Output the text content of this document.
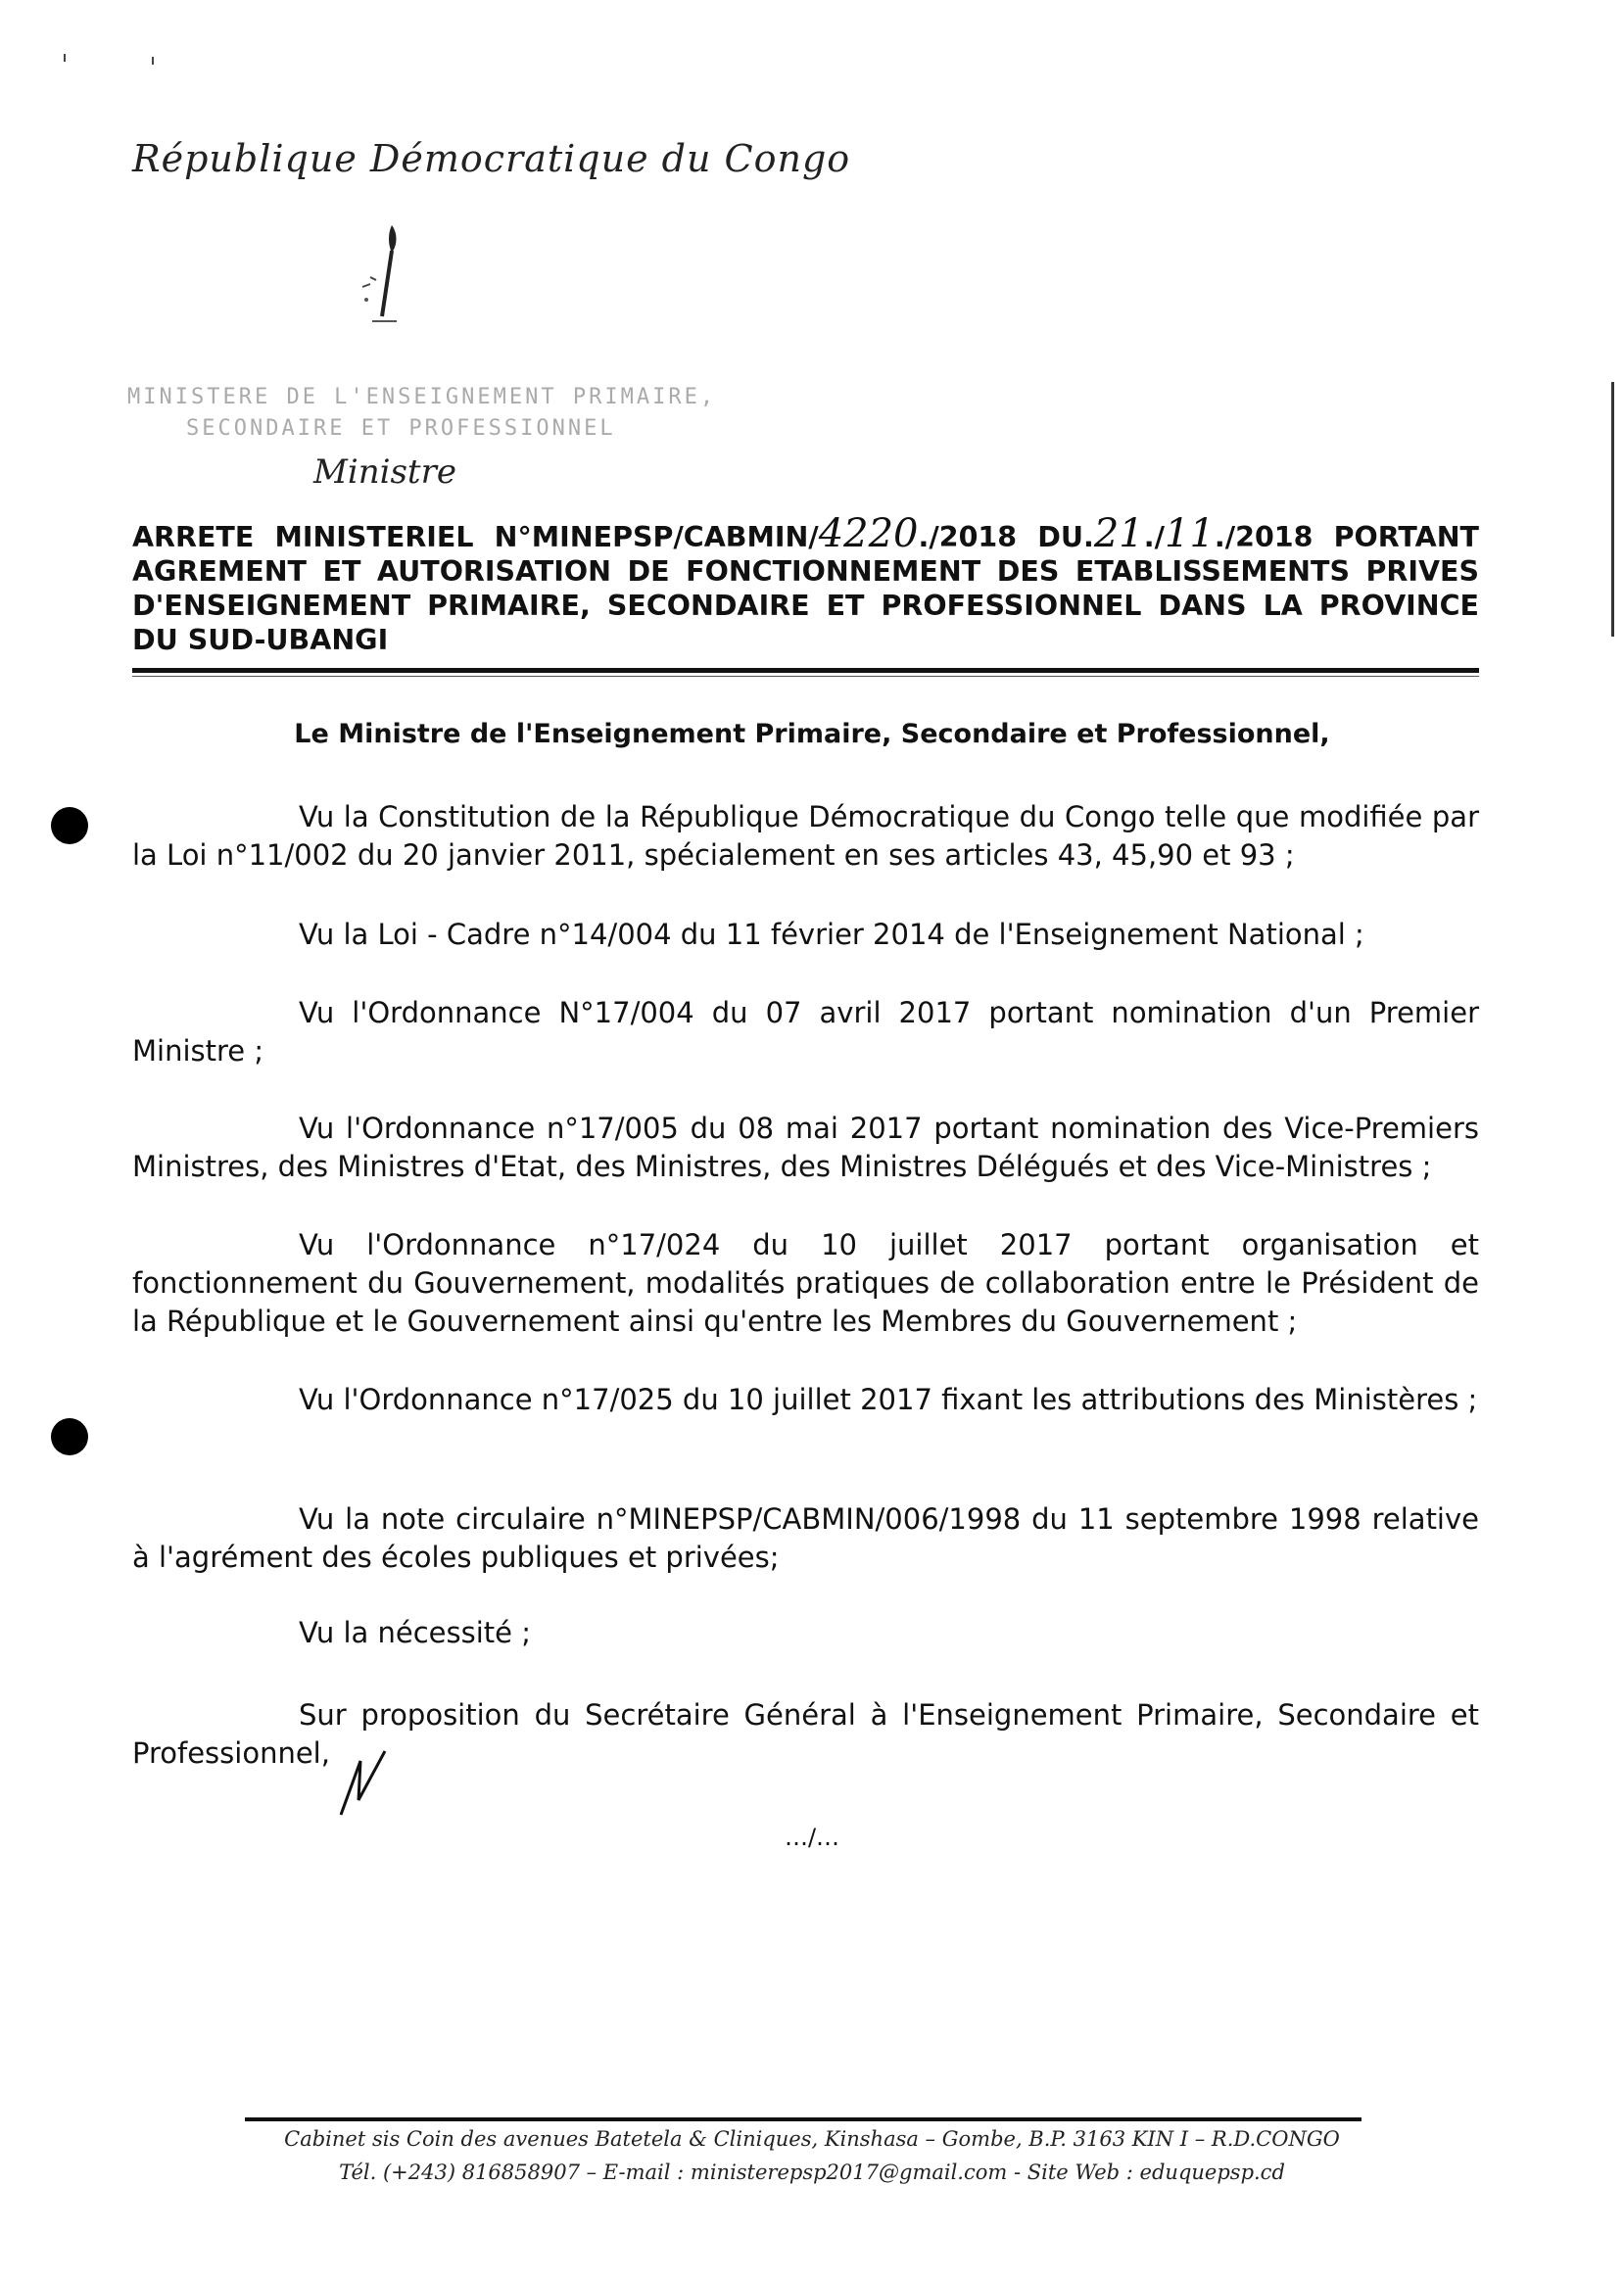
République Démocratique du Congo
MINISTERE DE L'ENSEIGNEMENT PRIMAIRE,
SECONDAIRE ET PROFESSIONNEL
Ministre
ARRETE MINISTERIEL N°MINEPSP/CABMIN/4220./2018 DU.21./11./2018 PORTANT
AGREMENT ET AUTORISATION DE FONCTIONNEMENT DES ETABLISSEMENTS PRIVES
D'ENSEIGNEMENT PRIMAIRE, SECONDAIRE ET PROFESSIONNEL DANS LA PROVINCE
DU SUD-UBANGI
Le Ministre de l'Enseignement Primaire, Secondaire et Professionnel,
Vu la Constitution de la République Démocratique du Congo telle que modifiée par la Loi n°11/002 du 20 janvier 2011, spécialement en ses articles 43, 45,90 et 93 ;
Vu la Loi - Cadre n°14/004 du 11 février 2014 de l'Enseignement National ;
Vu l'Ordonnance N°17/004 du 07 avril 2017 portant nomination d'un Premier Ministre ;
Vu l'Ordonnance n°17/005 du 08 mai 2017 portant nomination des Vice-Premiers Ministres, des Ministres d'Etat, des Ministres, des Ministres Délégués et des Vice-Ministres ;
Vu l'Ordonnance n°17/024 du 10 juillet 2017 portant organisation et fonctionnement du Gouvernement, modalités pratiques de collaboration entre le Président de la République et le Gouvernement ainsi qu'entre les Membres du Gouvernement ;
Vu l'Ordonnance n°17/025 du 10 juillet 2017 fixant les attributions des Ministères ;
Vu la note circulaire n°MINEPSP/CABMIN/006/1998 du 11 septembre 1998 relative à l'agrément des écoles publiques et privées;
Vu la nécessité ;
Sur proposition du Secrétaire Général à l'Enseignement Primaire, Secondaire et Professionnel,
…/…
Cabinet sis Coin des avenues Batetela & Cliniques, Kinshasa – Gombe, B.P. 3163 KIN I – R.D.CONGO
Tél. (+243) 816858907 – E-mail : ministerepsp2017@gmail.com - Site Web : eduquepsp.cd
